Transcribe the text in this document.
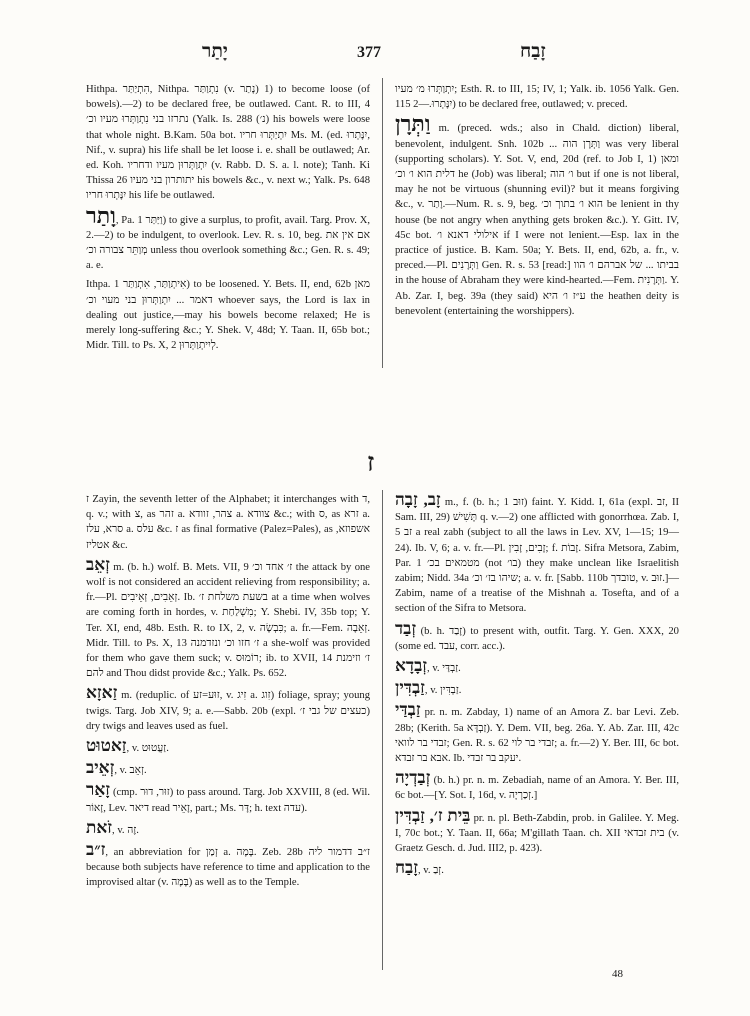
יָתַר	377	זָבַח

Hithpa. הִתְיַתַּר, Nithpa. נִתְוַתַּר (v. נָתַר) 1) to become loose (of bowels).—2) to be declared free, be outlawed. Cant. R. to III, 4 נתרזו בני נִתְוַתְּרוּ מעיו וכ׳ (Yalk. Is. 288 (נ׳) his bowels were loose that whole night. B.Kam. 50a bot. יִתְיַתְּרוּ חריו Ms. M. (ed. יִנָּתְרוּ, Nif., v. supra) his life shall be let loose i. e. shall be outlawed; Ar. ed. Koh. יִתְוַתְּרוּן מעיו ודחריו (v. Rabb. D. S. a. l. note); Tanh. Ki Thissa 26 יתותרון בני מעיו his bowels &c., v. next w.; Yalk. Ps. 648 יִנָּתְרוּ חריו his life be outlawed.

וָתַר, Pa. וַיַּתַּר 1) to give a surplus, to profit, avail. Targ. Prov. X, 2.—2) to be indulgent, to overlook. Lev. R. s. 10, beg. אם אין את מְוַתֵּר צבורה וכ׳ unless thou overlook something &c.; Gen. R. s. 49; a. e.

Ithpa. אִיתְוַתַּר, אִתְוַתַּר 1) to be loosened. Y. Bets. II, end, 62b מאן דאמר ... יִתְוַתְּרוּן בני מעוי וכ׳ whoever says, the Lord is lax in dealing out justice,—may his bowels become relaxed; He is merely long-suffering &c.; Y. Shek. V, 48d; Y. Taan. II, 65b bot.; Midr. Till. to Ps. X, 2 לְיִיתְוַתְּרוּן.

יִתְוַתְּרוּ מ׳ מעיו; Esth. R. to III, 15; IV, 1; Yalk. ib. 1056 Yalk. Gen. 115 יִנָּתְרוּ.—2) to be declared free, outlawed; v. preced.

וַתְּרָן m. (preced. wds.; also in Chald. diction) liberal, benevolent, indulgent. Snh. 102b ... וַתְּרָן הוה was very liberal (supporting scholars). Y. Sot. V, end, 20d (ref. to Job I, 1) ומאן דלית הוא ו׳ וכ׳ he (Job) was liberal; ו׳ הוה but if one is not liberal, may he not be virtuous (shunning evil)? but it means forgiving &c., v. וָתַר.—Num. R. s. 9, beg. הוא ו׳ בתוך וכ׳ be lenient in thy house (be not angry when anything gets broken &c.). Y. Gitt. IV, 45c bot. אילולי דאנא ו׳ if I were not lenient.—Esp. lax in the practice of justice. B. Kam. 50a; Y. Bets. II, end, 62b, a. fr., v. preced.—Pl. וַתְּרָנִים Gen. R. s. 53 [read:] בביתו ... של אברהם ו׳ הוו in the house of Abraham they were kind-hearted.—Fem. וַתְּרָנִית. Y. Ab. Zar. I, beg. 39a (they said) ע״ז ו׳ היא the heathen deity is benevolent (entertaining the worshippers).

ז

ז Zayin, the seventh letter of the Alphabet; it interchanges with ד, q. v.; with צ, as זהר a. צהר, זוודא a. צוודא &c.; with ס, as זרא a. סרא, עלז a. עלס &c. ז as final formative (Palez=Pales), as אשפוזא, אטליז &c.

זְאֵב m. (b. h.) wolf. B. Mets. VII, 9 ז׳ אחד וכ׳ the attack by one wolf is not considered an accident relieving from responsibility; a. fr.—Pl. זְאֵבִים, זְאֵיבִים. Ib. בשעת משלחת ז׳ at a time when wolves are coming forth in hordes, v. מִשְׁלַחַת; Y. Shebi. IV, 35b top; Y. Ter. XI, end, 48b. Esth. R. to IX, 2, v. כִּבְשָׂה; a. fr.—Fem. זְאֵבָה. Midr. Till. to Ps. X, 13 ז׳ חזו וכ׳ ונזדמנה a she-wolf was provided for them who gave them suck; v. רוֹמוּס; ib. to XVII, 14 ז׳ וזימנת להם and Thou didst provide &c.; Yalk. Ps. 652.

זַאזָא m. (reduplic. of זוּע=זע, v. זִיג a. זִוג) foliage, spray; young twigs. Targ. Job XIV, 9; a. e.—Sabb. 20b (expl. כעצים של גבי ז׳) dry twigs and leaves used as fuel.

זַאטוּט, v. זַעֲטוּט.

זְאֵיב, v. זְאֵב.

זָאַר (cmp. זוּר, דוּר) to pass around. Targ. Job XXVIII, 8 (ed. Wil. זָאוֹר, Lev. דיאר read זָאֵיר, part.; Ms. דָּר; h. text עדה).

זֹאת, v. זֶה.

ז״ב, an abbreviation for זְמַן a. בָּמָה. Zeb. 28b ז״ב דדמור ליה because both subjects have reference to time and application to the improvised altar (v. בָּמָה) as well as to the Temple.

זָב, זָבָה m., f. (b. h.; זוּב 1) faint. Y. Kidd. I, 61a (expl. זב, II Sam. III, 29) תָּשִׁישׁ q. v.—2) one afflicted with gonorrhœa. Zab. I, 5 זב a real zabh (subject to all the laws in Lev. XV, 1—15; 19—24). Ib. V, 6; a. v. fr.—Pl. זָבִים, זָבִין; f. זָבוֹת. Sifra Metsora, Zabim, Par. 1 מטמאים בכ׳ (not בו׳) they make unclean like Israelitish zabim; Nidd. 34a שיהו בז׳ וכ׳; a. v. fr. [Sabb. 110b טובדך, v. זוּב.]—Zabim, name of a treatise of the Mishnah a. Tosefta, and of a section of the Sifra to Metsora.

זְבַד (b. h. זָבַד) to present with, outfit. Targ. Y. Gen. XXX, 20 (some ed. עבד, corr. acc.).

זְבָדָא, v. זַבְדַּי.

זַבְדִּין, v. זַבְדִּין.

זַבְדַּי pr. n. m. Zabday, 1) name of an Amora Z. bar Levi. Zeb. 28b; (Kerith. 5a זַבְדָּא). Y. Dem. VII, beg. 26a. Y. Ab. Zar. III, 42c זבדי בר לוואי; Gen. R. s. 62 זבדי בר לוי; a. fr.—2) Y. Ber. III, 6c bot. אבא בר זבדא. Ib. יעקב בר זבדי.

זְבַדְיָה (b. h.) pr. n. m. Zebadiah, name of an Amora. Y. Ber. III, 6c bot.—[Y. Sot. I, 16d, v. זְכַרְיָה.]

בֵּית ז׳, זַבְדִּין pr. n. pl. Beth-Zabdin, prob. in Galilee. Y. Meg. I, 70c bot.; Y. Taan. II, 66a; M'gillath Taan. ch. XII בית זבדאי (v. Graetz Gesch. d. Jud. III2, p. 423).

זָבַח, v. זְבַ.

48
